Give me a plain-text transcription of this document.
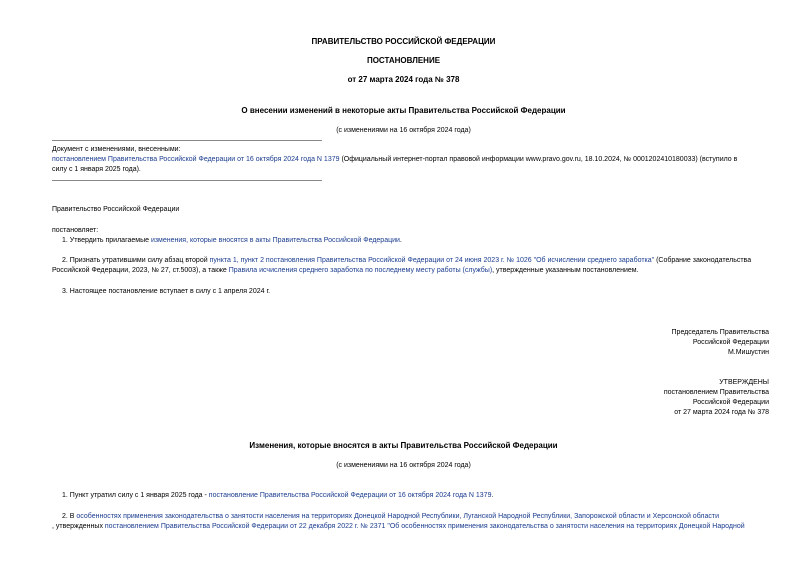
ПРАВИТЕЛЬСТВО РОССИЙСКОЙ ФЕДЕРАЦИИ
ПОСТАНОВЛЕНИЕ
от 27 марта 2024 года № 378
О внесении изменений в некоторые акты Правительства Российской Федерации
(с изменениями на 16 октября 2024 года)
Документ с изменениями, внесенными:
постановлением Правительства Российской Федерации от 16 октября 2024 года N 1379 (Официальный интернет-портал правовой информации www.pravo.gov.ru, 18.10.2024, № 0001202410180033) (вступило в
силу с 1 января 2025 года).
Правительство Российской Федерации
постановляет:
1. Утвердить прилагаемые изменения, которые вносятся в акты Правительства Российской Федерации.
2. Признать утратившими силу абзац второй пункта 1, пункт 2 постановления Правительства Российской Федерации от 24 июня 2023 г. № 1026 "Об исчислении среднего заработка" (Собрание законодательства
Российской Федерации, 2023, № 27, ст.5003), а также Правила исчисления среднего заработка по последнему месту работы (службы), утвержденные указанным постановлением.
3. Настоящее постановление вступает в силу с 1 апреля 2024 г.
Председатель Правительства
Российской Федерации
М.Мишустин
УТВЕРЖДЕНЫ
постановлением Правительства
Российской Федерации
от 27 марта 2024 года № 378
Изменения, которые вносятся в акты Правительства Российской Федерации
(с изменениями на 16 октября 2024 года)
1. Пункт утратил силу с 1 января 2025 года - постановление Правительства Российской Федерации от 16 октября 2024 года N 1379.
2. В особенностях применения законодательства о занятости населения на территориях Донецкой Народной Республики, Луганской Народной Республики, Запорожской области и Херсонской области
, утвержденных постановлением Правительства Российской Федерации от 22 декабря 2022 г. № 2371 "Об особенностях применения законодательства о занятости населения на территориях Донецкой Народной
